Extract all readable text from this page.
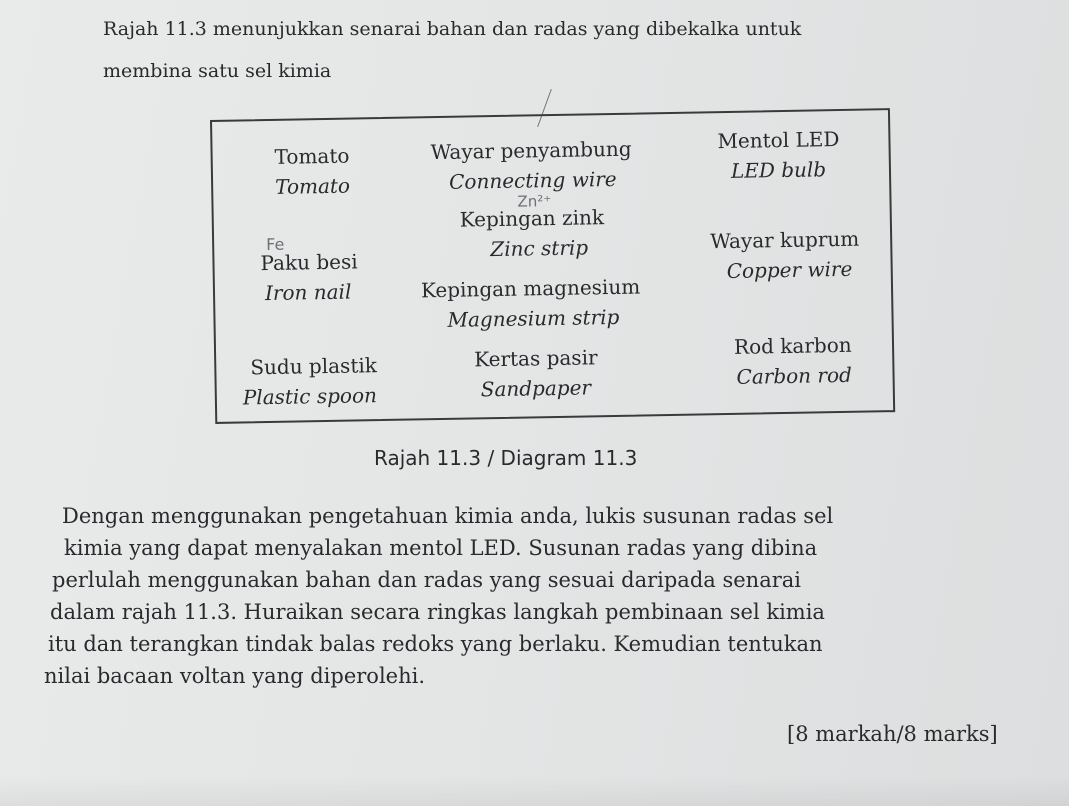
Rajah 11.3 menunjukkan senarai bahan dan radas yang dibekalka untuk
membina satu sel kimia
Tomato
Tomato
Wayar penyambung
Connecting wire
Mentol LED
LED bulb
Zn²⁺
Fe
Kepingan zink
Zinc strip
Paku besi
Iron nail
Wayar kuprum
Copper wire
Kepingan magnesium
Magnesium strip
Sudu plastik
Plastic spoon
Kertas pasir
Sandpaper
Rod karbon
Carbon rod
Rajah 11.3 / Diagram 11.3
Dengan menggunakan pengetahuan kimia anda, lukis susunan radas sel
kimia yang dapat menyalakan mentol LED. Susunan radas yang dibina
perlulah menggunakan bahan dan radas yang sesuai daripada senarai
dalam rajah 11.3. Huraikan secara ringkas langkah pembinaan sel kimia
itu dan terangkan tindak balas redoks yang berlaku. Kemudian tentukan
nilai bacaan voltan yang diperolehi.
[8 markah/8 marks]
